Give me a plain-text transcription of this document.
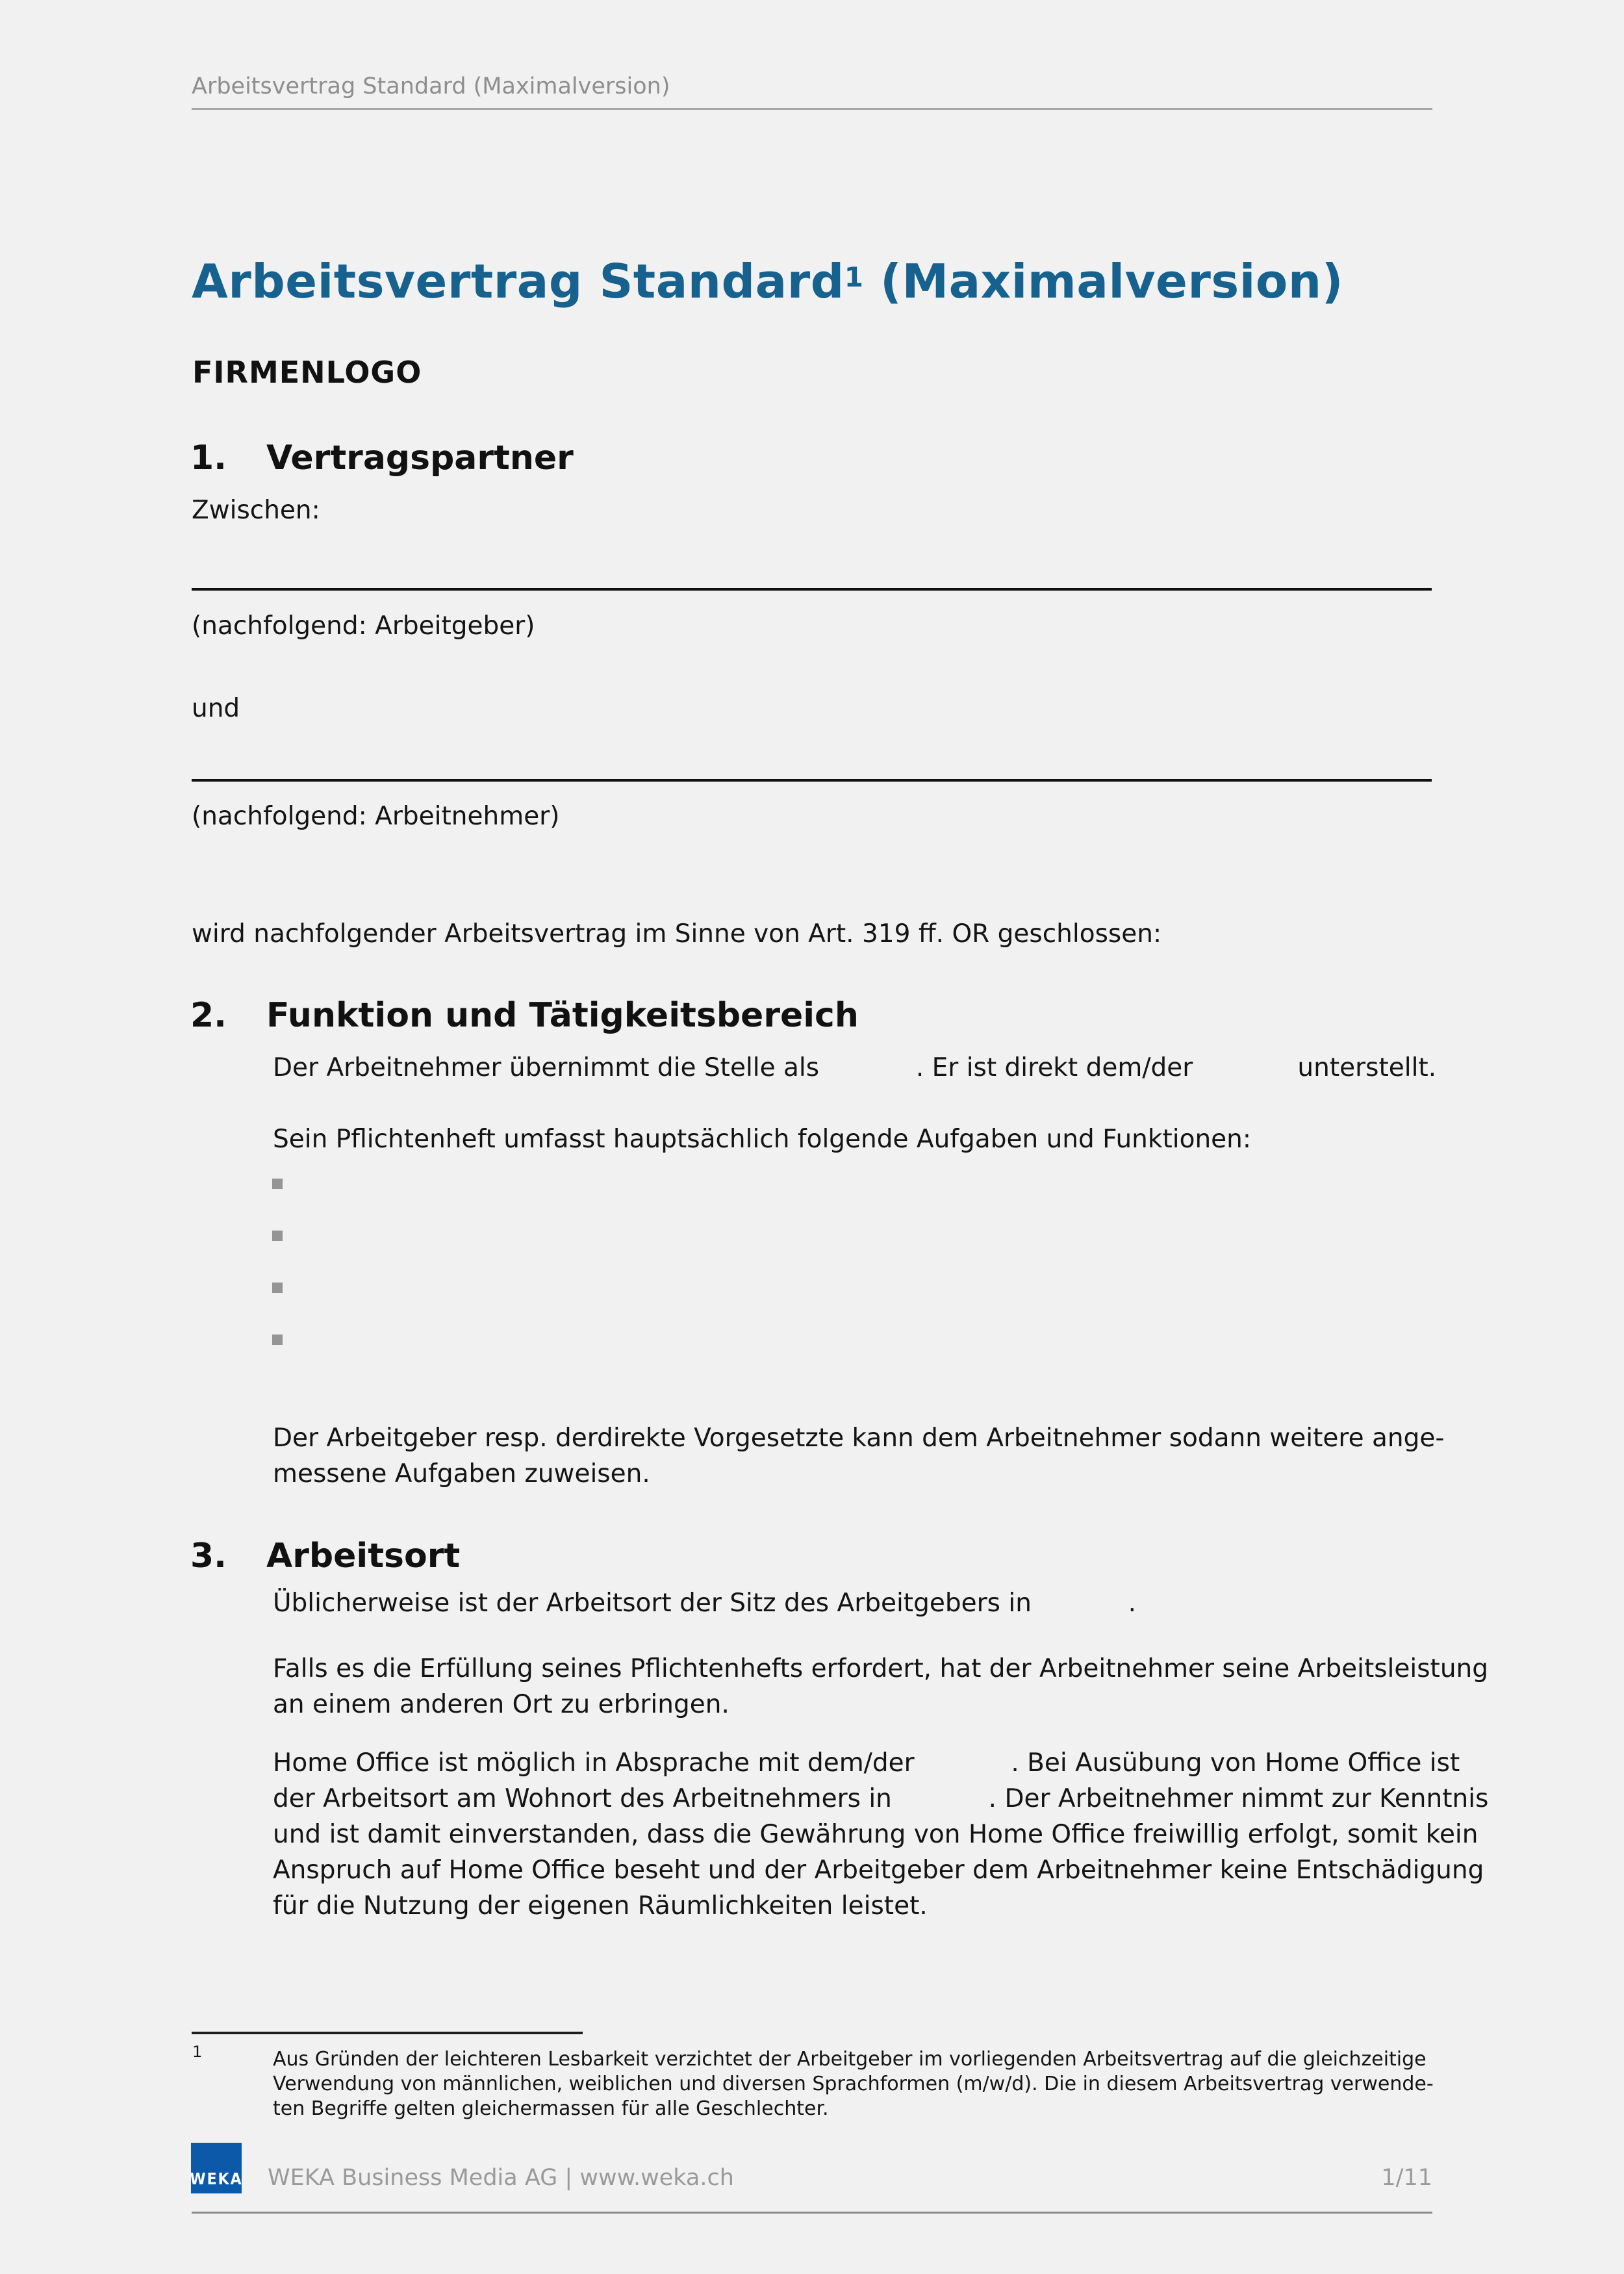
Arbeitsvertrag Standard (Maximalversion)
Arbeitsvertrag Standard$^1$ (Maximalversion)
FIRMENLOGO
1. Vertragspartner
Zwischen:
(nachfolgend: Arbeitgeber)
und
(nachfolgend: Arbeitnehmer)
wird nachfolgender Arbeitsvertrag im Sinne von Art. 319 ff. OR geschlossen:
2. Funktion und Tätigkeitsbereich
Der Arbeitnehmer übernimmt die Stelle als            . Er ist direkt dem/der             unterstellt.
Sein Pflichtenheft umfasst hauptsächlich folgende Aufgaben und Funktionen:
Der Arbeitgeber resp. derdirekte Vorgesetzte kann dem Arbeitnehmer sodann weitere ange-
messene Aufgaben zuweisen.
3. Arbeitsort
Üblicherweise ist der Arbeitsort der Sitz des Arbeitgebers in            .
Falls es die Erfüllung seines Pflichtenhefts erfordert, hat der Arbeitnehmer seine Arbeitsleistung
an einem anderen Ort zu erbringen.
Home Office ist möglich in Absprache mit dem/der            . Bei Ausübung von Home Office ist
der Arbeitsort am Wohnort des Arbeitnehmers in            . Der Arbeitnehmer nimmt zur Kenntnis
und ist damit einverstanden, dass die Gewährung von Home Office freiwillig erfolgt, somit kein
Anspruch auf Home Office beseht und der Arbeitgeber dem Arbeitnehmer keine Entschädigung
für die Nutzung der eigenen Räumlichkeiten leistet.
1	Aus Gründen der leichteren Lesbarkeit verzichtet der Arbeitgeber im vorliegenden Arbeitsvertrag auf die gleichzeitige
Verwendung von männlichen, weiblichen und diversen Sprachformen (m/w/d). Die in diesem Arbeitsvertrag verwende-
ten Begriffe gelten gleichermassen für alle Geschlechter.
WEKA WEKA Business Media AG | www.weka.ch	1/11
